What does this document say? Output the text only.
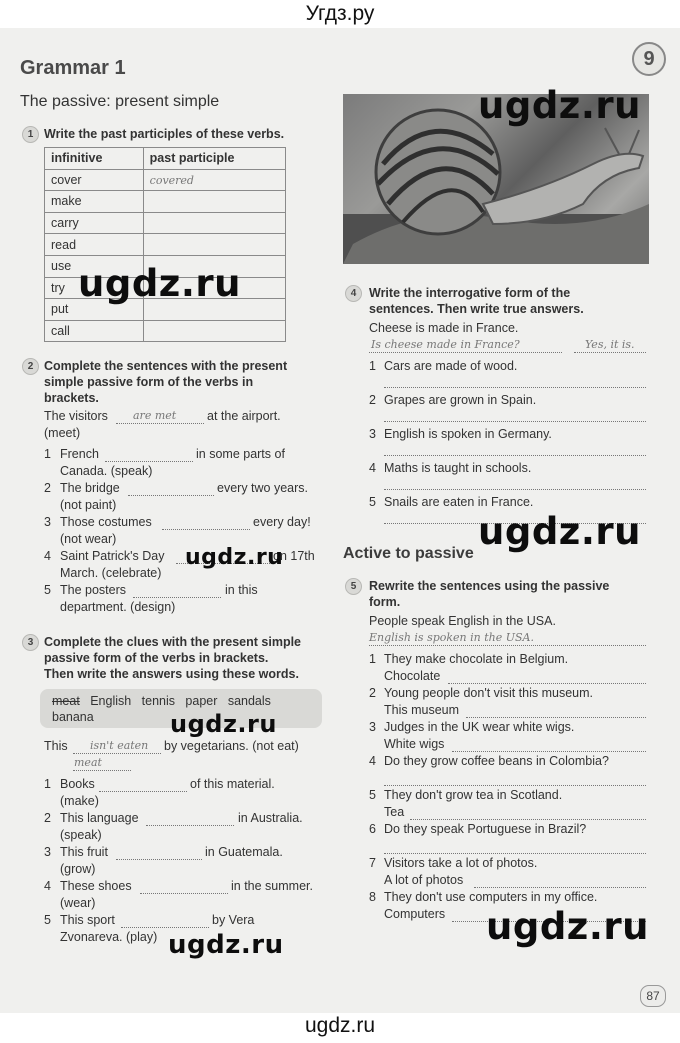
Угдз.ру
ugdz.ru
9
Grammar 1
The passive: present simple
1 Write the past participles of these verbs.
infinitive	past participle
cover	covered
make	
carry	
read	
use	
try	
put	
call	
2 Complete the sentences with the present
simple passive form of the verbs in
brackets.
The visitors are met at the airport.
(meet)
1 French	in some parts of
Canada. (speak)
2 The bridge	every two years.
(not paint)
3 Those costumes	every day!
(not wear)
4 Saint Patrick's Day	on 17th
March. (celebrate)
5 The posters	in this
department. (design)
3 Complete the clues with the present simple
passive form of the verbs in brackets.
Then write the answers using these words.
meat English tennis paper sandals
banana
This isn't eaten by vegetarians. (not eat)
meat
1 Books	of this material.
(make)
2 This language	in Australia.
(speak)
3 This fruit	in Guatemala.
(grow)
4 These shoes	in the summer.
(wear)
5 This sport	by Vera
Zvonareva. (play)
4	Write the interrogative form of the
sentences. Then write true answers.
Cheese is made in France.
Is cheese made in France?	Yes, it is.
1 Cars are made of wood.
2 Grapes are grown in Spain.
3 English is spoken in Germany.
4 Maths is taught in schools.
5 Snails are eaten in France.
Active to passive
5	Rewrite the sentences using the passive
form.
People speak English in the USA.
English is spoken in the USA.
1 They make chocolate in Belgium.
Chocolate
2 Young people don't visit this museum.
This museum
3 Judges in the UK wear white wigs.
White wigs
4 Do they grow coffee beans in Colombia?
5 They don't grow tea in Scotland.
Tea
6 Do they speak Portuguese in Brazil?
7 Visitors take a lot of photos.
A lot of photos
8 They don't use computers in my office.
Computers
87
ugdz.ru
ugdz.ru
ugdz.ru
ugdz.ru
ugdz.ru
ugdz.ru	ugdz.ru
